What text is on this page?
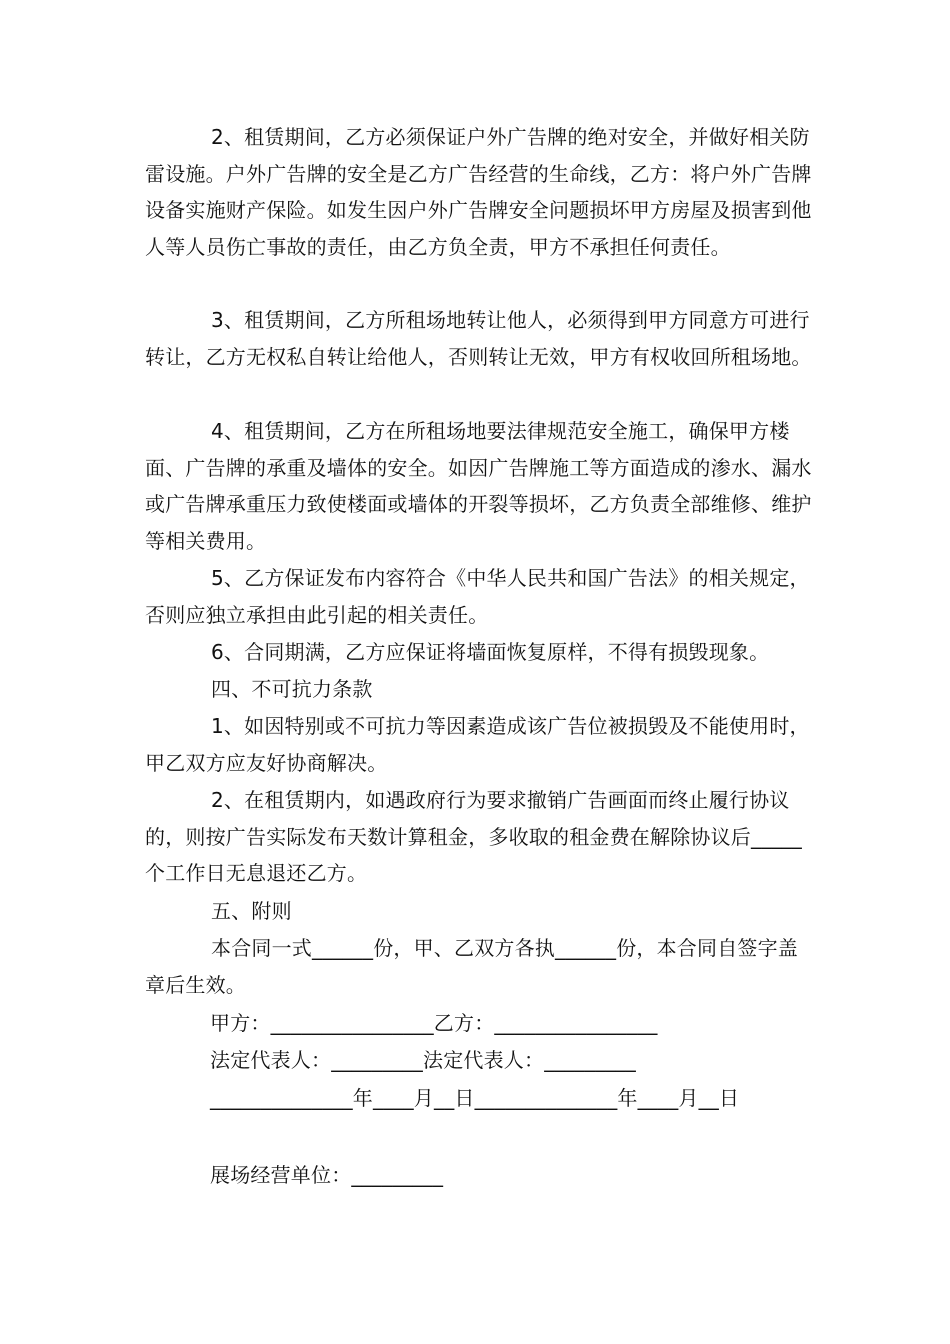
2、租赁期间，乙方必须保证户外广告牌的绝对安全，并做好相关防雷设施。户外广告牌的安全是乙方广告经营的生命线，乙方：将户外广告牌设备实施财产保险。如发生因户外广告牌安全问题损坏甲方房屋及损害到他人等人员伤亡事故的责任，由乙方负全责，甲方不承担任何责任。

3、租赁期间，乙方所租场地转让他人，必须得到甲方同意方可进行转让，乙方无权私自转让给他人，否则转让无效，甲方有权收回所租场地。

4、租赁期间，乙方在所租场地要法律规范安全施工，确保甲方楼面、广告牌的承重及墙体的安全。如因广告牌施工等方面造成的渗水、漏水或广告牌承重压力致使楼面或墙体的开裂等损坏，乙方负责全部维修、维护等相关费用。

5、乙方保证发布内容符合《中华人民共和国广告法》的相关规定，否则应独立承担由此引起的相关责任。

6、合同期满，乙方应保证将墙面恢复原样，不得有损毁现象。

四、不可抗力条款

1、如因特别或不可抗力等因素造成该广告位被损毁及不能使用时，甲乙双方应友好协商解决。

2、在租赁期内，如遇政府行为要求撤销广告画面而终止履行协议的，则按广告实际发布天数计算租金，多收取的租金费在解除协议后_____个工作日无息退还乙方。

五、附则

本合同一式______份，甲、乙双方各执______份，本合同自签字盖章后生效。

甲方：________________乙方：________________

法定代表人：_________法定代表人：_________

______________年____月__日______________年____月__日

展场经营单位：_________
